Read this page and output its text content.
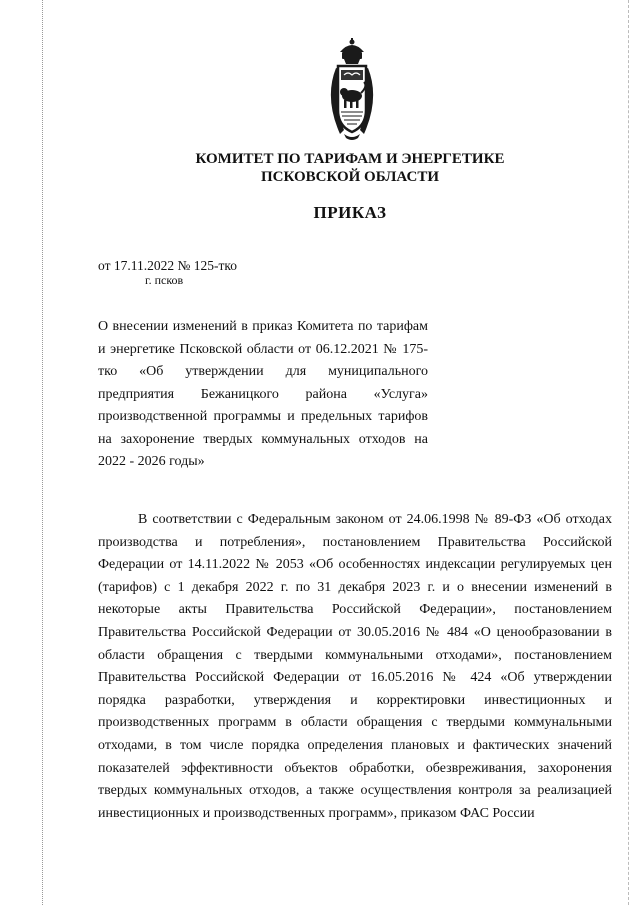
КОМИТЕТ ПО ТАРИФАМ И ЭНЕРГЕТИКЕ
ПСКОВСКОЙ ОБЛАСТИ
ПРИКАЗ
от 17.11.2022 № 125-тко
г. псков
О внесении изменений в приказ Комитета по тарифам и энергетике Псковской области от 06.12.2021 № 175-тко «Об утверждении для муниципального предприятия Бежаницкого района «Услуга» производственной программы и предельных тарифов на захоронение твердых коммунальных отходов на 2022 - 2026 годы»
В соответствии с Федеральным законом от 24.06.1998 № 89-ФЗ «Об отходах производства и потребления», постановлением Правительства Российской Федерации от 14.11.2022 № 2053 «Об особенностях индексации регулируемых цен (тарифов) с 1 декабря 2022 г. по 31 декабря 2023 г. и о внесении изменений в некоторые акты Правительства Российской Федерации», постановлением Правительства Российской Федерации от 30.05.2016 № 484 «О ценообразовании в области обращения с твердыми коммунальными отходами», постановлением Правительства Российской Федерации от 16.05.2016 № 424 «Об утверждении порядка разработки, утверждения и корректировки инвестиционных и производственных программ в области обращения с твердыми коммунальными отходами, в том числе порядка определения плановых и фактических значений показателей эффективности объектов обработки, обезвреживания, захоронения твердых коммунальных отходов, а также осуществления контроля за реализацией инвестиционных и производственных программ», приказом ФАС России
